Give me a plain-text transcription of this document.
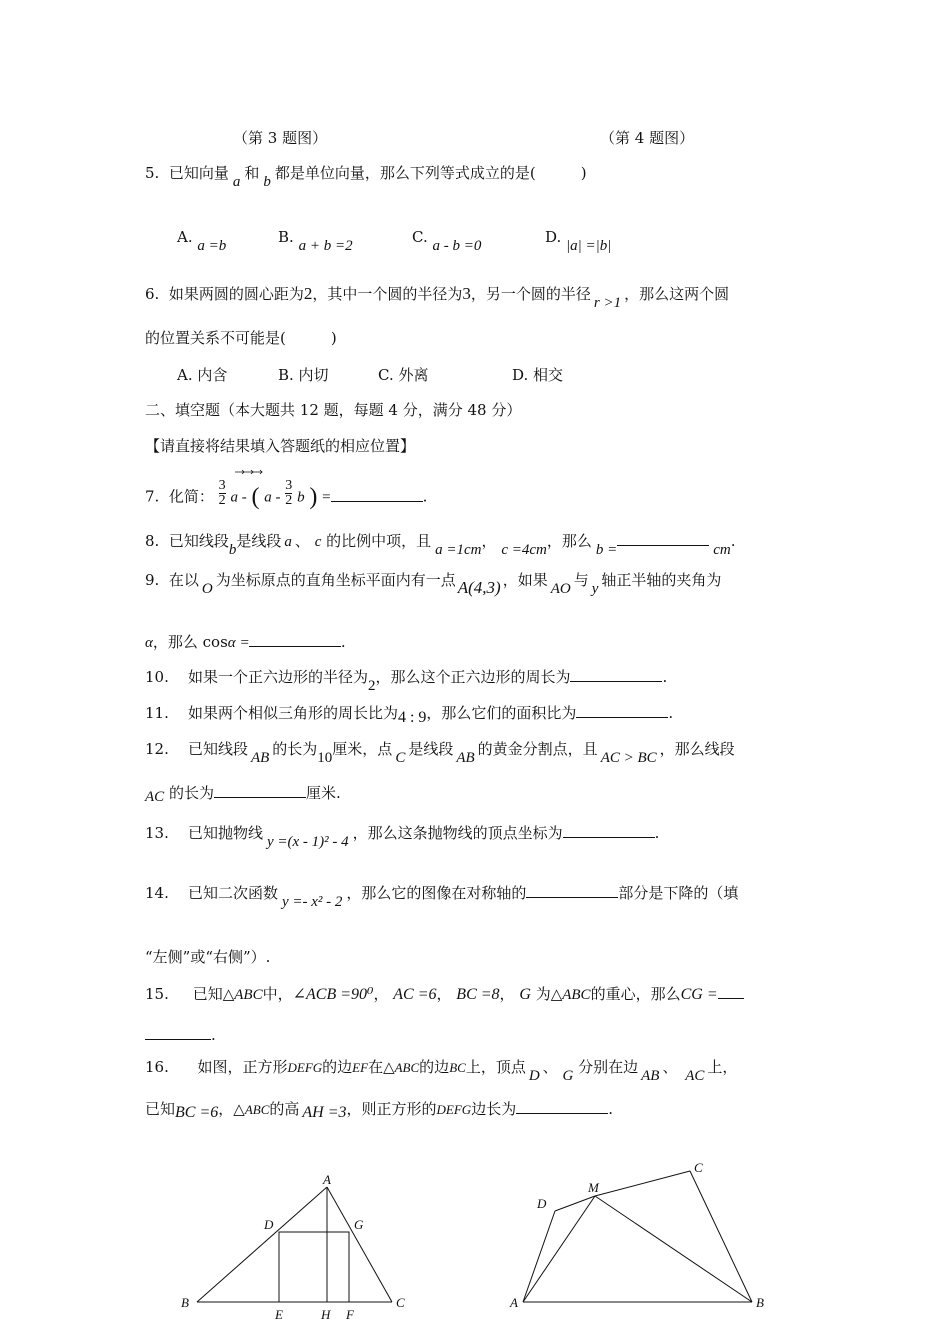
（第 3 题图）	（第 4 题图）
5. 已知向量 a 和 b 都是单位向量，那么下列等式成立的是(　　　)
A. a =b	B. a + b =2	C. a - b =0	D. |a| =|b|
6. 如果两圆的圆心距为2，其中一个圆的半径为3，另一个圆的半径 r >1 ，那么这两个圆
的位置关系不可能是(　　　)
A. 内含	B. 内切	C. 外离	D. 相交
二、填空题（本大题共 12 题，每题 4 分，满分 48 分）
【请直接将结果填入答题纸的相应位置】
7. 化简： $\frac{3}{2}$ a - ( a - $\frac{3}{2}$ b ) =	.
8. 已知线段b是线段 a 、 c 的比例中项，且 a =1cm， c =4cm，那么 b =	cm.
9. 在以 O 为坐标原点的直角坐标平面内有一点 A(4,3) ，如果 AO 与 y 轴正半轴的夹角为
α，那么 cosα =	.
10. 如果一个正六边形的半径为2，那么这个正六边形的周长为	.
11. 如果两个相似三角形的周长比为4 : 9，那么它们的面积比为	.
12. 已知线段 AB 的长为10厘米，点 C 是线段 AB 的黄金分割点，且 AC > BC ，那么线段
AC 的长为	厘米.
13. 已知抛物线 y =(x - 1)² - 4 ，那么这条抛物线的顶点坐标为	.
14. 已知二次函数 y =- x² - 2 ，那么它的图像在对称轴的	部分是下降的（填
“左侧”或“右侧”）.
15. 已知△ABC中，∠ACB =90⁰， AC =6， BC =8， G 为△ABC的重心，那么CG =
.
16. 如图，正方形DEFG的边EF在△ABC的边BC上，顶点 D 、 G 分别在边 AB 、 AC 上，
已知BC =6，△ABC的高 AH =3，则正方形的DEFG边长为	.
A
B	C
D	G
E	H F
A	B
C
D
M
